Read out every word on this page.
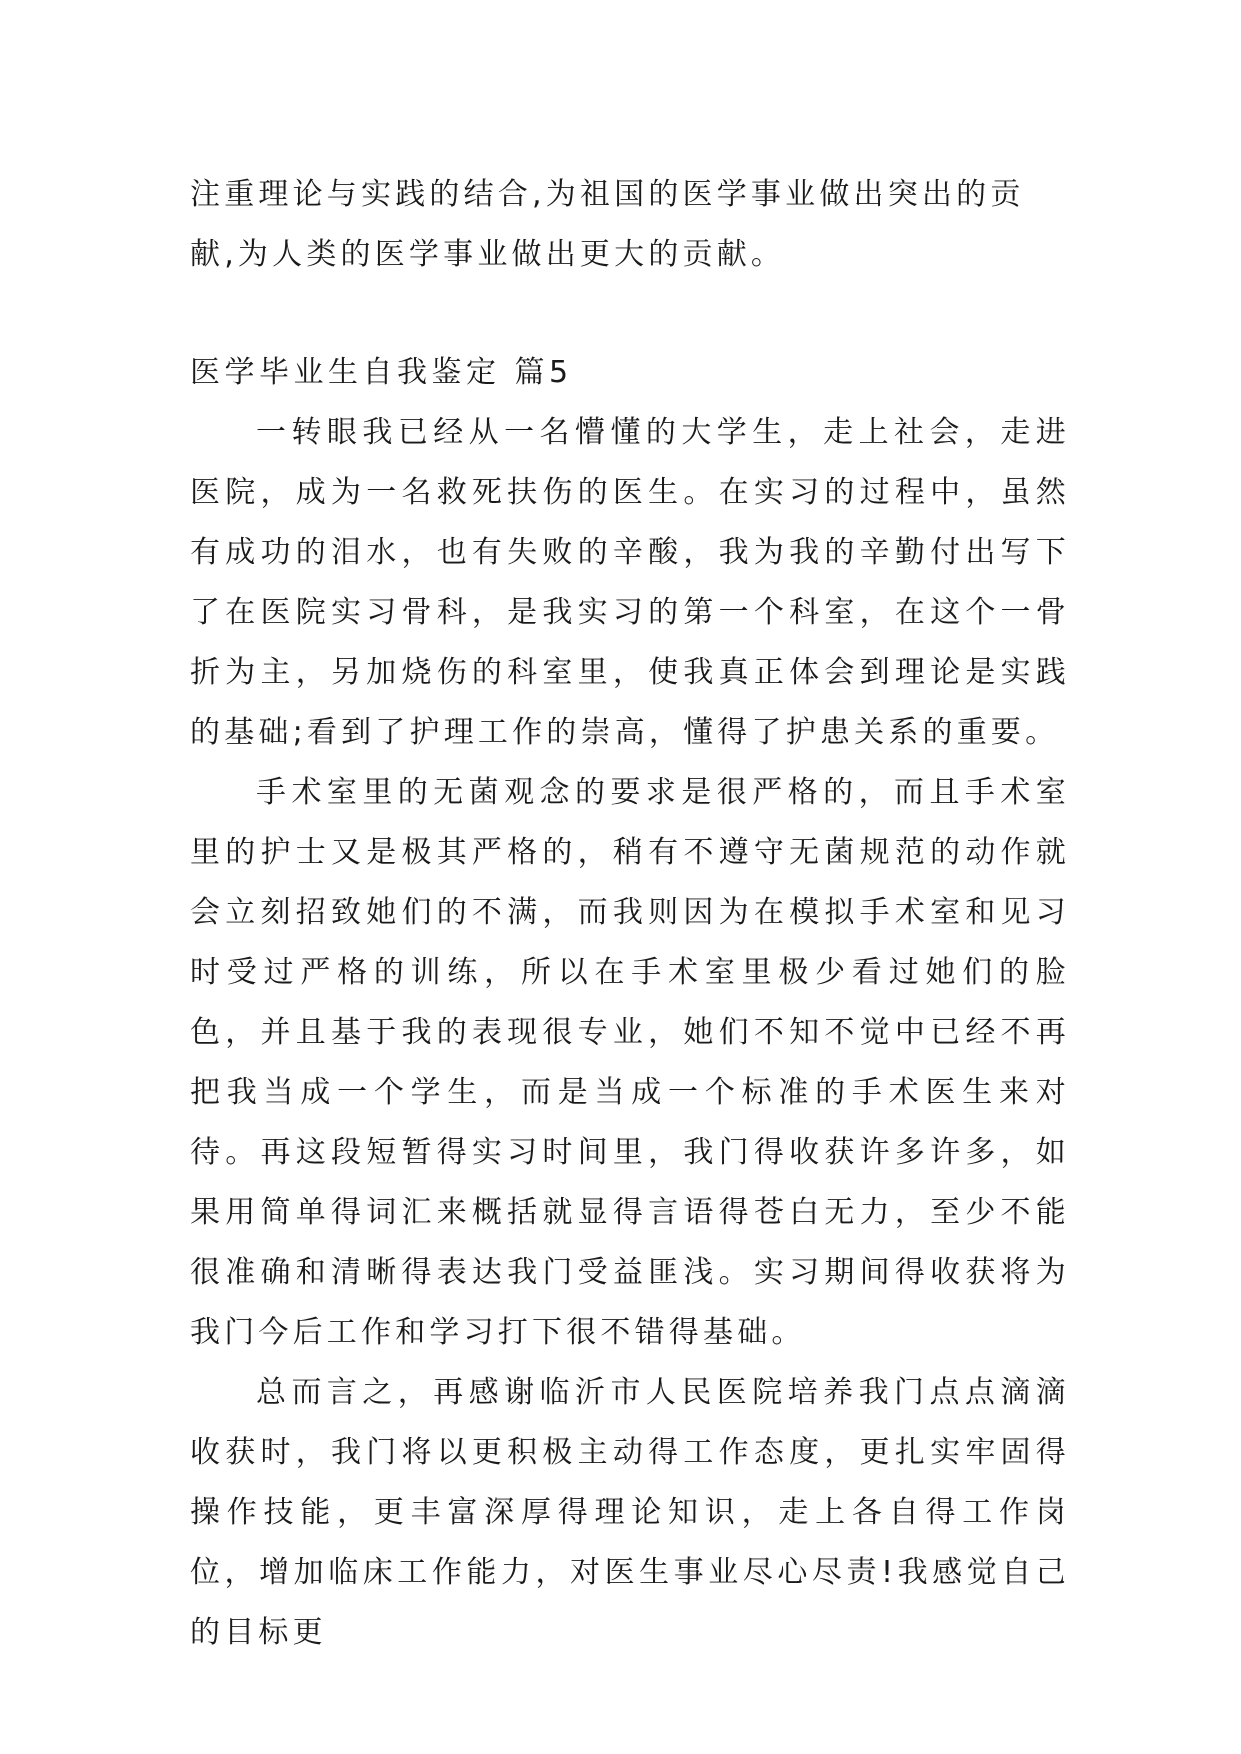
注重理论与实践的结合,为祖国的医学事业做出突出的贡献,为人类的医学事业做出更大的贡献。

医学毕业生自我鉴定 篇5

一转眼我已经从一名懵懂的大学生，走上社会，走进医院，成为一名救死扶伤的医生。在实习的过程中，虽然有成功的泪水，也有失败的辛酸，我为我的辛勤付出写下了在医院实习骨科，是我实习的第一个科室，在这个一骨折为主，另加烧伤的科室里，使我真正体会到理论是实践的基础;看到了护理工作的崇高，懂得了护患关系的重要。

手术室里的无菌观念的要求是很严格的，而且手术室里的护士又是极其严格的，稍有不遵守无菌规范的动作就会立刻招致她们的不满，而我则因为在模拟手术室和见习时受过严格的训练，所以在手术室里极少看过她们的脸色，并且基于我的表现很专业，她们不知不觉中已经不再把我当成一个学生，而是当成一个标准的手术医生来对待。再这段短暂得实习时间里，我门得收获许多许多，如果用简单得词汇来概括就显得言语得苍白无力，至少不能很准确和清晰得表达我门受益匪浅。实习期间得收获将为我门今后工作和学习打下很不错得基础。

总而言之，再感谢临沂市人民医院培养我门点点滴滴收获时，我门将以更积极主动得工作态度，更扎实牢固得操作技能，更丰富深厚得理论知识，走上各自得工作岗位，增加临床工作能力，对医生事业尽心尽责!我感觉自己的目标更
